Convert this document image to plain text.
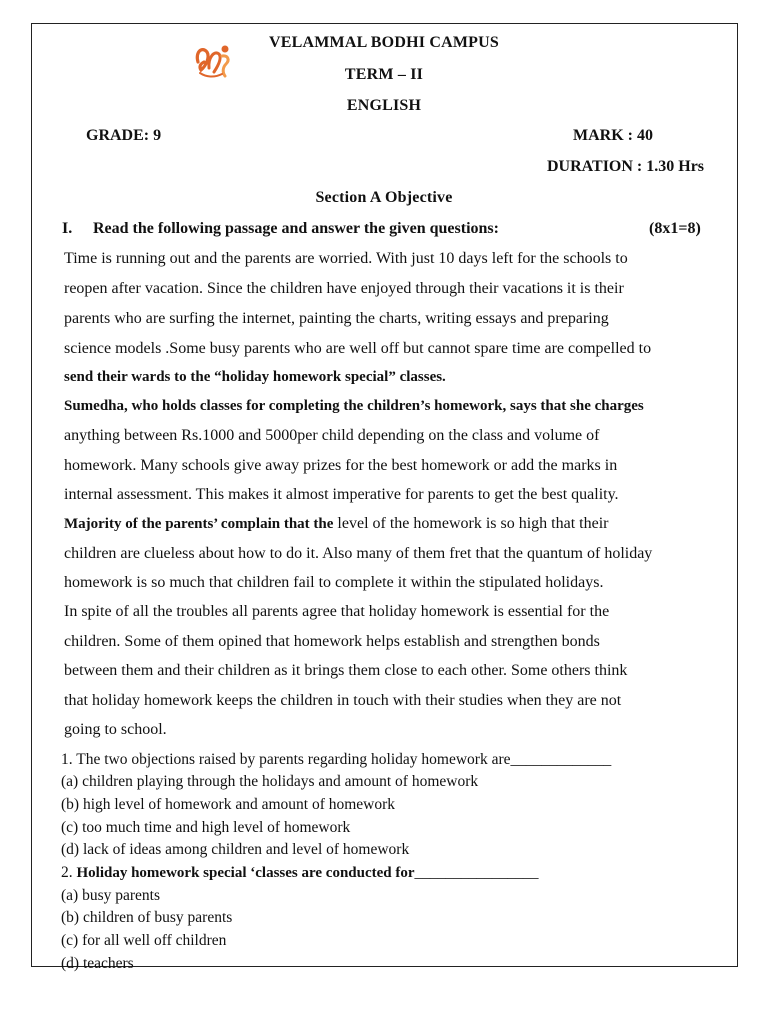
VELAMMAL BODHI CAMPUS
TERM – II
ENGLISH
GRADE: 9	MARK : 40
DURATION : 1.30 Hrs
Section A Objective
I. Read the following passage and answer the given questions:	(8x1=8)
Time is running out and the parents are worried. With just 10 days left for the schools to
reopen after vacation. Since the children have enjoyed through their vacations it is their
parents who are surfing the internet, painting the charts, writing essays and preparing
science models .Some busy parents who are well off but cannot spare time are compelled to
send their wards to the “holiday homework special” classes.
Sumedha, who holds classes for completing the children’s homework, says that she charges
anything between Rs.1000 and 5000per child depending on the class and volume of
homework. Many schools give away prizes for the best homework or add the marks in
internal assessment. This makes it almost imperative for parents to get the best quality.
Majority of the parents’ complain that the level of the homework is so high that their
children are clueless about how to do it. Also many of them fret that the quantum of holiday
homework is so much that children fail to complete it within the stipulated holidays.
In spite of all the troubles all parents agree that holiday homework is essential for the
children. Some of them opined that homework helps establish and strengthen bonds
between them and their children as it brings them close to each other. Some others think
that holiday homework keeps the children in touch with their studies when they are not
going to school.
1. The two objections raised by parents regarding holiday homework are_____________
(a) children playing through the holidays and amount of homework
(b) high level of homework and amount of homework
(c) too much time and high level of homework
(d) lack of ideas among children and level of homework
2. Holiday homework special ‘classes are conducted for________________
(a) busy parents
(b) children of busy parents
(c) for all well off children
(d) teachers
